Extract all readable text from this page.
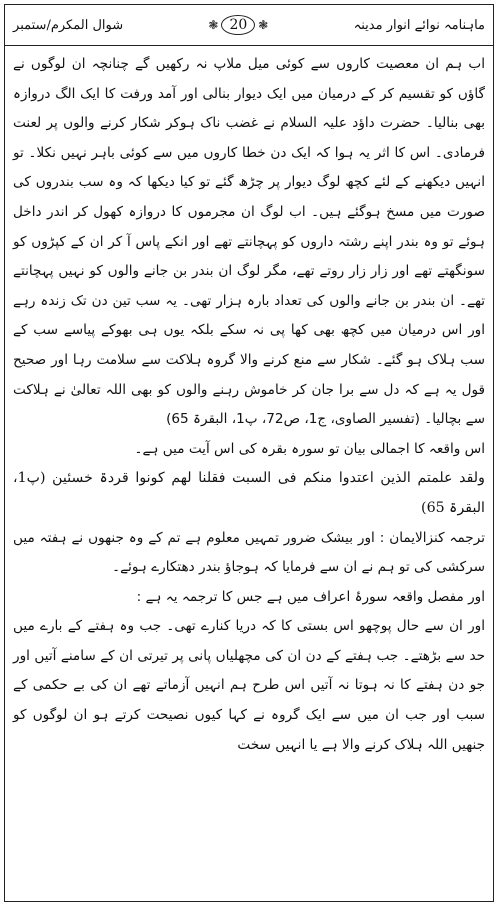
ماہنامہ نوائے انوار مدینہ
❃ 20 ❃
شوال المکرم/ستمبر

اب ہم ان معصیت کاروں سے کوئی میل ملاپ نہ رکھیں گے چنانچہ ان لوگوں نے گاؤں کو تقسیم کر کے درمیان میں ایک دیوار بنالی اور آمد ورفت کا ایک الگ دروازہ بھی بنالیا۔ حضرت داؤد علیہ السلام نے غضب ناک ہوکر شکار کرنے والوں پر لعنت فرمادی۔ اس کا اثر یہ ہوا کہ ایک دن خطا کاروں میں سے کوئی باہر نہیں نکلا۔ تو انہیں دیکھنے کے لئے کچھ لوگ دیوار پر چڑھ گئے تو کیا دیکھا کہ وہ سب بندروں کی صورت میں مسخ ہوگئے ہیں۔ اب لوگ ان مجرموں کا دروازہ کھول کر اندر داخل ہوئے تو وہ بندر اپنے رشتہ داروں کو پہچانتے تھے اور انکے پاس آ کر ان کے کپڑوں کو سونگھتے تھے اور زار زار روتے تھے، مگر لوگ ان بندر بن جانے والوں کو نہیں پہچانتے تھے۔ ان بندر بن جانے والوں کی تعداد بارہ ہزار تھی۔ یہ سب تین دن تک زندہ رہے اور اس درمیان میں کچھ بھی کھا پی نہ سکے بلکہ یوں ہی بھوکے پیاسے سب کے سب ہلاک ہو گئے۔ شکار سے منع کرنے والا گروہ ہلاکت سے سلامت رہا اور صحیح قول یہ ہے کہ دل سے برا جان کر خاموش رہنے والوں کو بھی اللہ تعالیٰ نے ہلاکت سے بچالیا۔ (تفسیر الصاوی، ج1، ص72، پ1، البقرۃ 65)

اس واقعہ کا اجمالی بیان تو سورہ بقرہ کی اس آیت میں ہے۔

ولقد علمتم الذین اعتدوا منکم فی السبت فقلنا لھم کونوا قردۃ خسئین (پ1، البقرۃ 65)

ترجمہ کنزالایمان : اور بیشک ضرور تمہیں معلوم ہے تم کے وہ جنھوں نے ہفتہ میں سرکشی کی تو ہم نے ان سے فرمایا کہ ہوجاؤ بندر دھتکارے ہوئے۔

اور مفصل واقعہ سورۂ اعراف میں ہے جس کا ترجمہ یہ ہے :

اور ان سے حال پوچھو اس بستی کا کہ دریا کنارے تھی۔ جب وہ ہفتے کے بارے میں حد سے بڑھتے۔ جب ہفتے کے دن ان کی مچھلیاں پانی پر تیرتی ان کے سامنے آتیں اور جو دن ہفتے کا نہ ہوتا نہ آتیں اس طرح ہم انہیں آزماتے تھے ان کی بے حکمی کے سبب اور جب ان میں سے ایک گروہ نے کہا کیوں نصیحت کرتے ہو ان لوگوں کو جنھیں اللہ ہلاک کرنے والا ہے یا انہیں سخت
